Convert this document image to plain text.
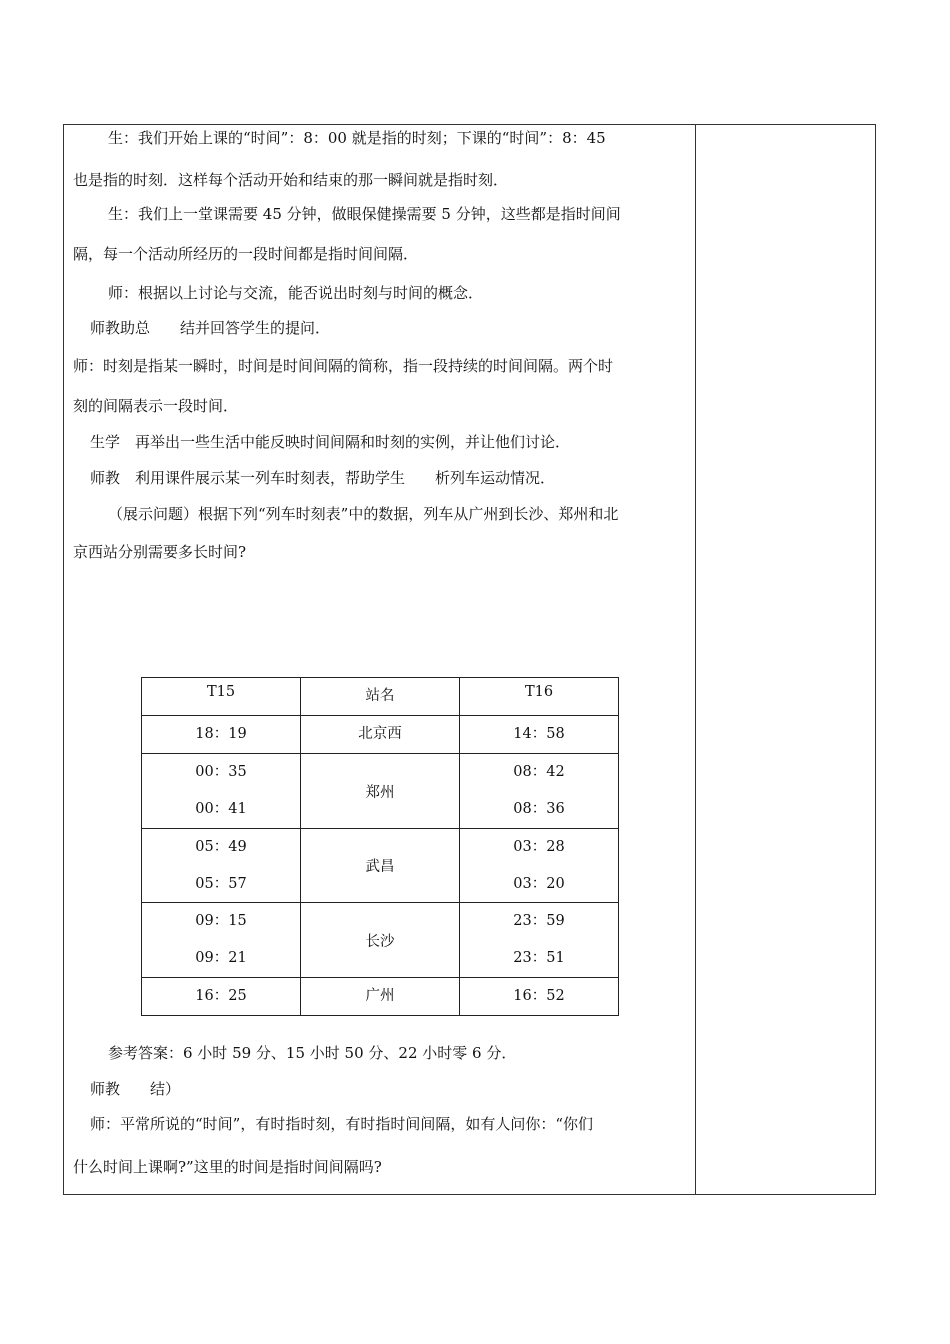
生：我们开始上课的“时间”：8：00 就是指的时刻；下课的“时间”：8：45
也是指的时刻．这样每个活动开始和结束的那一瞬间就是指时刻．
生：我们上一堂课需要 45 分钟，做眼保健操需要 5 分钟，这些都是指时间间
隔，每一个活动所经历的一段时间都是指时间间隔．
师：根据以上讨论与交流，能否说出时刻与时间的概念．
师教助总　　结并回答学生的提问．
师：时刻是指某一瞬时，时间是时间间隔的简称，指一段持续的时间间隔。两个时
刻的间隔表示一段时间．
生学　再举出一些生活中能反映时间间隔和时刻的实例，并让他们讨论．
师教　利用课件展示某一列车时刻表，帮助学生　　析列车运动情况．
（展示问题）根据下列“列车时刻表”中的数据，列车从广州到长沙、郑州和北
京西站分别需要多长时间?
T15	站名	T16

18：19	北京西	14：58

00：35
00：41	郑州	08：42
08：36

05：49
05：57	武昌	03：28
03：20

09：15
09：21	长沙	23：59
23：51

16：25	广州	16：52
参考答案：6 小时 59 分、15 小时 50 分、22 小时零 6 分．
师教　　结）
师：平常所说的“时间”，有时指时刻，有时指时间间隔，如有人问你：“你们
什么时间上课啊?”这里的时间是指时间间隔吗?
